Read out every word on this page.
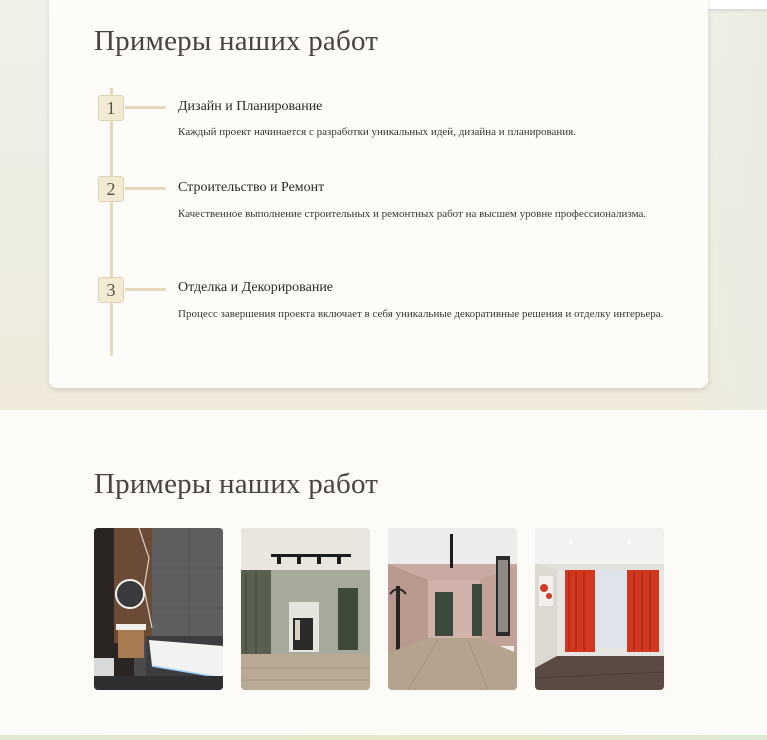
Примеры наших работ
1	Дизайн и Планирование

Каждый проект начинается с разработки уникальных идей, дизайна и планирования.

2	Строительство и Ремонт

Качественное выполнение строительных и ремонтных работ на высшем уровне профессионализма.

3	Отделка и Декорирование

Процесс завершения проекта включает в себя уникальные декоративные решения и отделку интерьера.

Примеры наших работ
